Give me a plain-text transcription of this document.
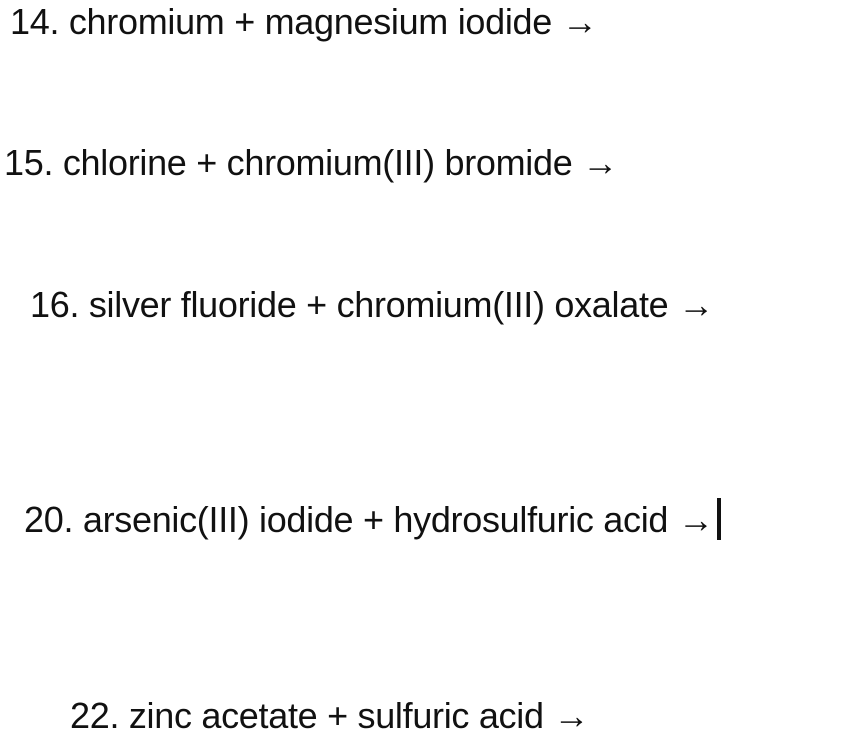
14. chromium + magnesium iodide →
15. chlorine + chromium(III) bromide →
16. silver fluoride + chromium(III) oxalate →
20. arsenic(III) iodide + hydrosulfuric acid →
22. zinc acetate + sulfuric acid →
